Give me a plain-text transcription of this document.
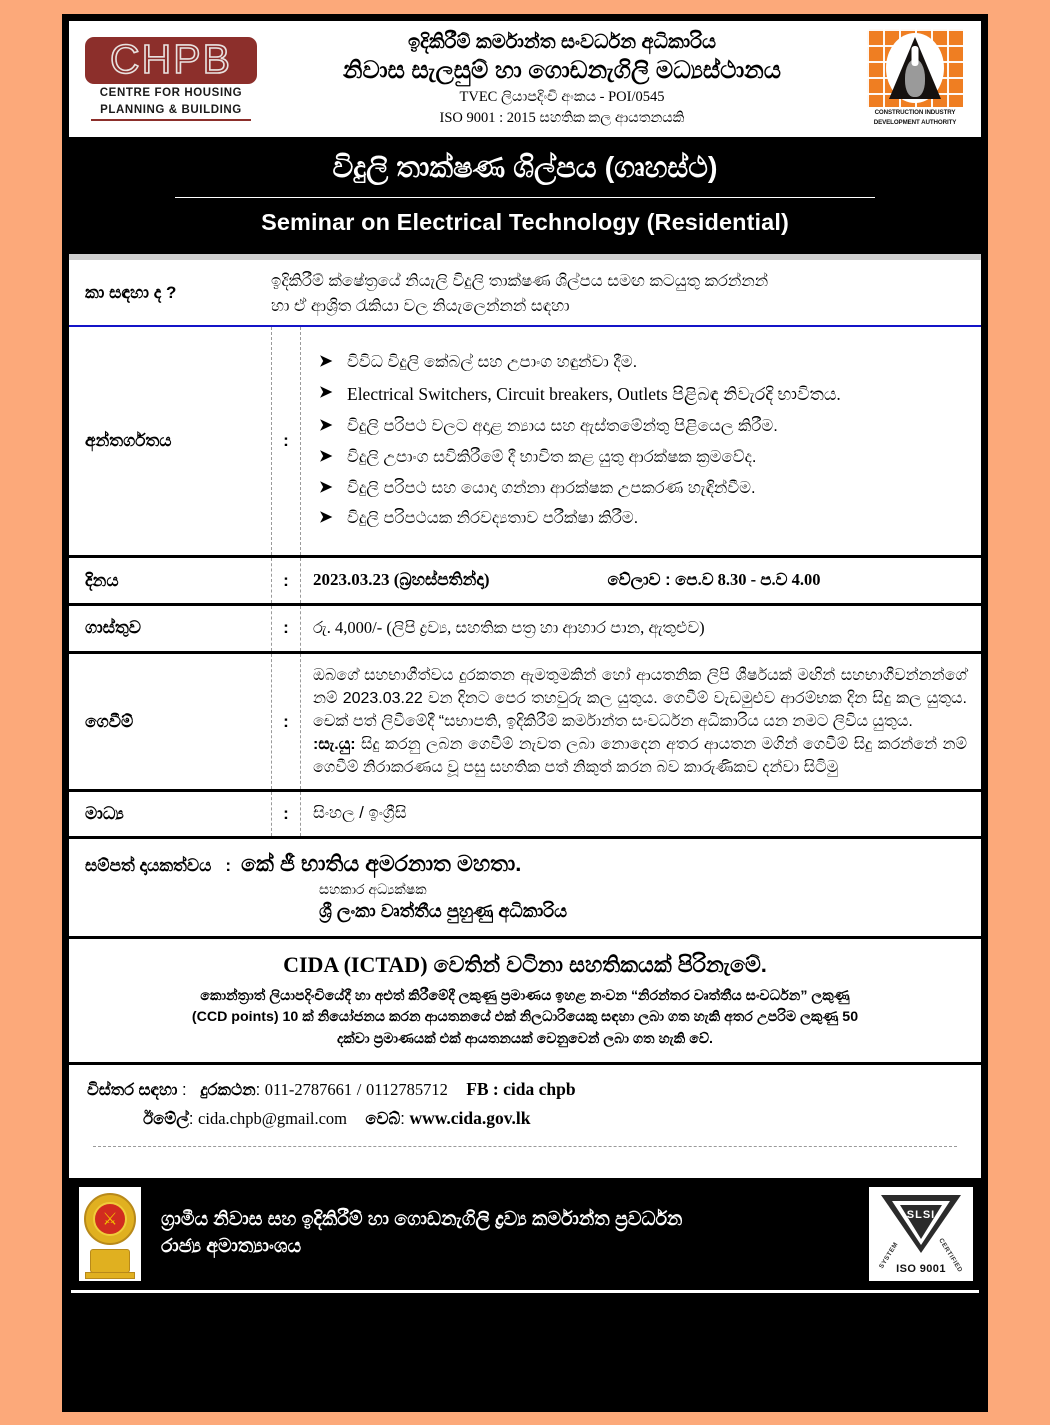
CHPB
CENTRE FOR HOUSING
PLANNING & BUILDING
ඉදිකිරීම් කර්මාන්ත සංවර්ධන අධිකාරිය
නිවාස සැලසුම් හා ගොඩනැගිලි මධ්‍යස්ථානය
TVEC ලියාපදිංචි අංකය - POI/0545
ISO 9001 : 2015 සහතික කල ආයතනයකි	CONSTRUCTION INDUSTRY
DEVELOPMENT AUTHORITY
විදුලි තාක්ෂණ ශිල්පය (ගෘහස්ථ)
Seminar on Electrical Technology (Residential)
කා සඳහා ද ?
ඉදිකිරීම් ක්ෂේත්‍රයේ නියැලි විදුලි තාක්ෂණ ශිල්පය සමඟ කටයුතු කරන්නන්
හා ඒ ආශ්‍රිත රැකියා වල නියැලෙන්නන් සඳහා
අන්තර්ගතය	:
➤ විවිධ විදුලි කේබල් සහ උපාංග හඳුන්වා දීම.
➤ Electrical Switchers, Circuit breakers, Outlets පිළිබඳ නිවැරදි භාවිතය.
➤ විදුලි පරිපථ වලට අදාළ න්‍යාය සහ ඇස්තමේන්තු පිළියෙල කිරීම.
➤ විදුලි උපාංග සවිකිරීමේ දී භාවිත කළ යුතු ආරක්ෂක ක්‍රමවේද.
➤ විදුලි පරිපථ සහ යොදා ගන්නා ආරක්ෂක උපකරණ හැඳින්වීම.
➤ විදුලි පරිපථයක නිරවද්‍යතාව පරීක්ෂා කිරීම.
දිනය	:	2023.03.23 (බ්‍රහස්පතින්දා)	වේලාව : පෙ.ව 8.30 - ප.ව 4.00
ගාස්තුව	:	රු. 4,000/- (ලිපි ද්‍රව්‍ය, සහතික පත්‍ර හා ආහාර පාන, ඇතුළුව)
ගෙවීම්	:
ඔබගේ සහභාගීත්වය දුරකතන ඇමතුමකින් හෝ ආයතනික ලිපි ශීර්ෂයක් මඟින් සහභාගීවන්නන්ගේ නම් 2023.03.22 වන දිනට පෙර තහවුරු කල යුතුය. ගෙවීම් වැඩමුළුව ආරම්භක දින සිදු කල යුතුය. චෙක් පත් ලිවීමේදී “සභාපති, ඉදිකිරීම් කර්මාන්ත සංවර්ධන අධිකාරිය යන නමට ලිවිය යුතුය.
:සැ.යු: සිදු කරනු ලබන ගෙවීම් නැවත ලබා නොදෙන අතර ආයතන මගින් ගෙවීම් සිදු කරන්නේ නම් ගෙවීම් නිරාකරණය වූ පසු සහතික පත් නිකුත් කරන බව කාරුණිකව දන්වා සිටිමු
මාධ්‍ය	:	සිංහල / ඉංග්‍රීසි
සම්පත් දායකත්වය : කේ ජී භාතිය අමරනාත මහතා.
සහකාර අධ්‍යක්ෂක
ශ්‍රී ලංකා වෘත්තීය පුහුණු අධිකාරිය
CIDA (ICTAD) වෙතින් වටිනා සහතිකයක් පිරිනැමේ.
කොන්ත්‍රාත් ලියාපදිංචියේදී හා අළුත් කිරීමේදී ලකුණු ප්‍රමාණය ඉහළ නංවන “නිරන්තර වෘත්තීය සංවර්ධන” ලකුණු
(CCD points) 10 ක් නියෝජනය කරන ආයතනයේ එක් නිලධාරියෙකු සඳහා ලබා ගත හැකි අතර උපරිම ලකුණු 50
දක්වා ප්‍රමාණයක් එක් ආයතනයක් වෙනුවෙන් ලබා ගත හැකි වේ.
විස්තර සඳහා : දුරකථන: 011-2787661 / 0112785712 FB : cida chpb
ඊමේල්: cida.chpb@gmail.com වෙබ්: www.cida.gov.lk
⚔ ග්‍රාමීය නිවාස සහ ඉදිකිරීම් හා ගොඩනැගිලි ද්‍රව්‍ය කර්මාන්ත ප්‍රවර්ධන
රාජ්‍ය අමාත්‍යාංශය
SLSI
SYSTEM	CERTIFIED
ISO 9001
